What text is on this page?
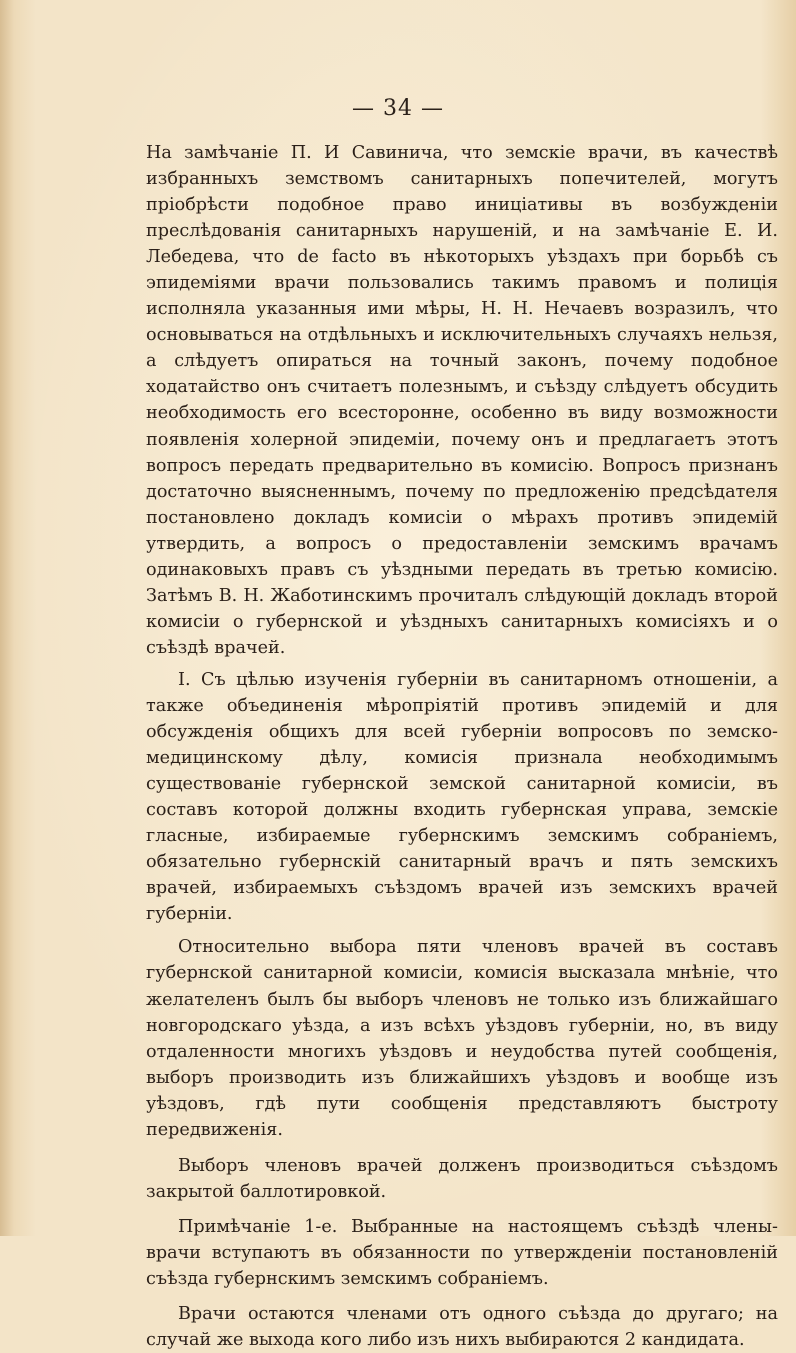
— 34 —

На замѣчаніе П. И Савинича, что земскіе врачи, въ качествѣ избранныхъ земствомъ санитарныхъ попечителей, могутъ пріобрѣсти подобное право иниціативы въ возбужденіи преслѣдованія санитарныхъ нарушеній, и на замѣчаніе Е. И. Лебедева, что de facto въ нѣкоторыхъ уѣздахъ при борьбѣ съ эпидеміями врачи пользовались такимъ правомъ и полиція исполняла указанныя ими мѣры, Н. Н. Нечаевъ возразилъ, что основываться на отдѣльныхъ и исключительныхъ случаяхъ нельзя, а слѣдуетъ опираться на точный законъ, почему подобное ходатайство онъ считаетъ полезнымъ, и съѣзду слѣдуетъ обсудить необходимость его всесторонне, особенно въ виду возможности появленія холерной эпидеміи, почему онъ и предлагаетъ этотъ вопросъ передать предварительно въ комисію. Вопросъ признанъ достаточно выясненнымъ, почему по предложенію предсѣдателя постановлено докладъ комисіи о мѣрахъ противъ эпидемій утвердить, а вопросъ о предоставленіи земскимъ врачамъ одинаковыхъ правъ съ уѣздными передать въ третью комисію. Затѣмъ В. Н. Жаботинскимъ прочиталъ слѣдующій докладъ второй комисіи о губернской и уѣздныхъ санитарныхъ комисіяхъ и о съѣздѣ врачей.

I. Съ цѣлью изученія губерніи въ санитарномъ отношеніи, а также объединенія мѣропріятій противъ эпидемій и для обсужденія общихъ для всей губерніи вопросовъ по земско-медицинскому дѣлу, комисія признала необходимымъ существованіе губернской земской санитарной комисіи, въ составъ которой должны входить губернская управа, земскіе гласные, избираемые губернскимъ земскимъ собраніемъ, обязательно губернскій санитарный врачъ и пять земскихъ врачей, избираемыхъ съѣздомъ врачей изъ земскихъ врачей губерніи.

Относительно выбора пяти членовъ врачей въ составъ губернской санитарной комисіи, комисія высказала мнѣніе, что желателенъ былъ бы выборъ членовъ не только изъ ближайшаго новгородскаго уѣзда, а изъ всѣхъ уѣздовъ губерніи, но, въ виду отдаленности многихъ уѣздовъ и неудобства путей сообщенія, выборъ производить изъ ближайшихъ уѣздовъ и вообще изъ уѣздовъ, гдѣ пути сообщенія представляютъ быстроту передвиженія.

Выборъ членовъ врачей долженъ производиться съѣздомъ закрытой баллотировкой.

Примѣчаніе 1-е. Выбранные на настоящемъ съѣздѣ члены-врачи вступаютъ въ обязанности по утвержденіи постановленій съѣзда губернскимъ земскимъ собраніемъ.

Врачи остаются членами отъ одного съѣзда до другаго; на случай же выхода кого либо изъ нихъ выбираются 2 кандидата.
